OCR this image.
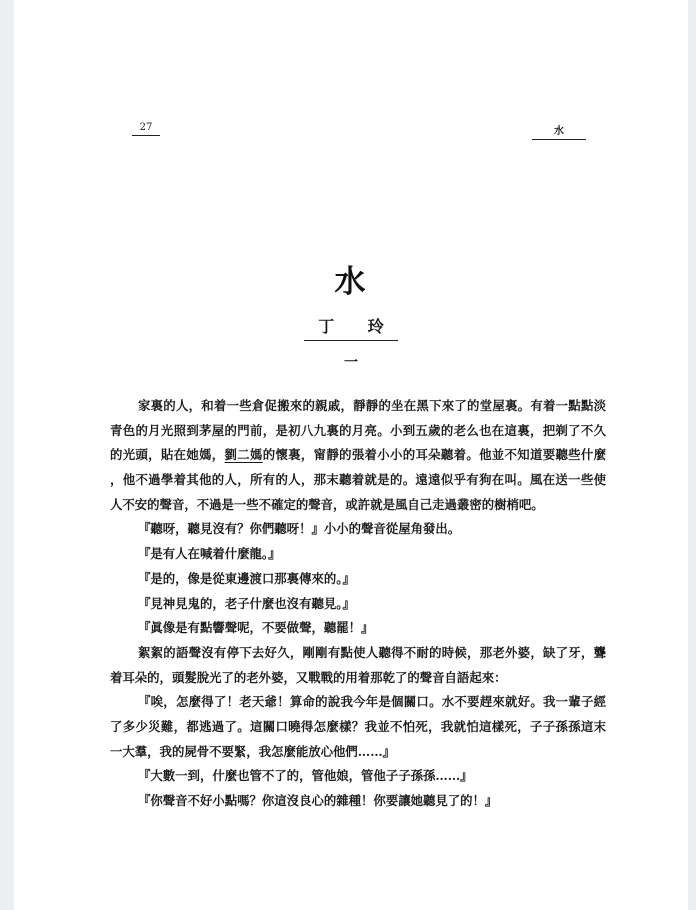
27	水
水
丁 玲
一
家裏的人，和着一些倉促搬來的親戚，靜靜的坐在黑下來了的堂屋裏。有着一點點淡
青色的月光照到茅屋的門前，是初八九裏的月亮。小到五歲的老么也在這裏，把剃了不久
的光頭，貼在她媽，劉二媽的懷裏，甯靜的張着小小的耳朵聽着。他並不知道要聽些什麼
，他不過學着其他的人，所有的人，那末聽着就是的。遠遠似乎有狗在叫。風在送一些使
人不安的聲音，不過是一些不確定的聲音，或許就是風自己走過叢密的樹梢吧。
『聽呀，聽見沒有？你們聽呀！』小小的聲音從屋角發出。
『是有人在喊着什麼龍。』
『是的，像是從東邊渡口那裏傳來的。』
『見神見鬼的，老子什麼也沒有聽見。』
『眞像是有點響聲呢，不要做聲，聽罷！』
絮絮的語聲沒有停下去好久，剛剛有點使人聽得不耐的時候，那老外婆，缺了牙，聾
着耳朵的，頭髮脫光了的老外婆，又戰戰的用着那乾了的聲音自語起來：
『唉，怎麼得了！老天爺！算命的說我今年是個關口。水不要趕來就好。我一輩子經
了多少災難，都逃過了。這關口曉得怎麼樣？我並不怕死，我就怕這樣死，子子孫孫這末
一大羣，我的屍骨不要緊，我怎麼能放心他們……』
『大數一到，什麼也管不了的，管他娘，管他子子孫孫……』
『你聲音不好小點嗎？你這沒良心的雜種！你要讓她聽見了的！』
